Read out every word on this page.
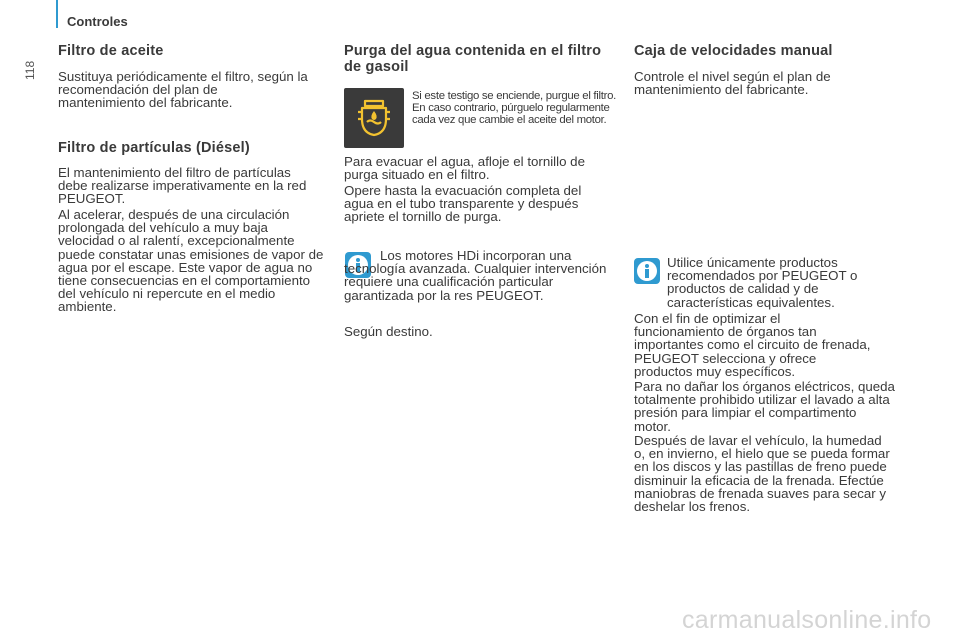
Controles
118
Filtro de aceite

Sustituya periódicamente el filtro, según la recomendación del plan de mantenimiento del fabricante.

Filtro de partículas (Diésel)

El mantenimiento del filtro de partículas debe realizarse imperativamente en la red PEUGEOT.

Al acelerar, después de una circulación prolongada del vehículo a muy baja velocidad o al ralentí, excepcionalmente puede constatar unas emisiones de vapor de agua por el escape. Este vapor de agua no tiene consecuencias en el comportamiento del vehículo ni repercute en el medio ambiente.

Purga del agua contenida en el filtro de gasoil

Si este testigo se enciende, purgue el filtro. En caso contrario, púrguelo regularmente cada vez que cambie el aceite del motor.

Para evacuar el agua, afloje el tornillo de purga situado en el filtro.

Opere hasta la evacuación completa del agua en el tubo transparente y después apriete el tornillo de purga.

Los motores HDi incorporan una tecnología avanzada. Cualquier intervención requiere una cualificación particular garantizada por la res PEUGEOT.

Según destino.

Caja de velocidades manual

Controle el nivel según el plan de mantenimiento del fabricante.

Utilice únicamente productos recomendados por PEUGEOT o productos de calidad y de características equivalentes.

Con el fin de optimizar el funcionamiento de órganos tan importantes como el circuito de frenada, PEUGEOT selecciona y ofrece productos muy específicos.

Para no dañar los órganos eléctricos, queda totalmente prohibido utilizar el lavado a alta presión para limpiar el compartimento motor.

Después de lavar el vehículo, la humedad o, en invierno, el hielo que se pueda formar en los discos y las pastillas de freno puede disminuir la eficacia de la frenada. Efectúe maniobras de frenada suaves para secar y deshelar los frenos.

carmanualsonline.info
